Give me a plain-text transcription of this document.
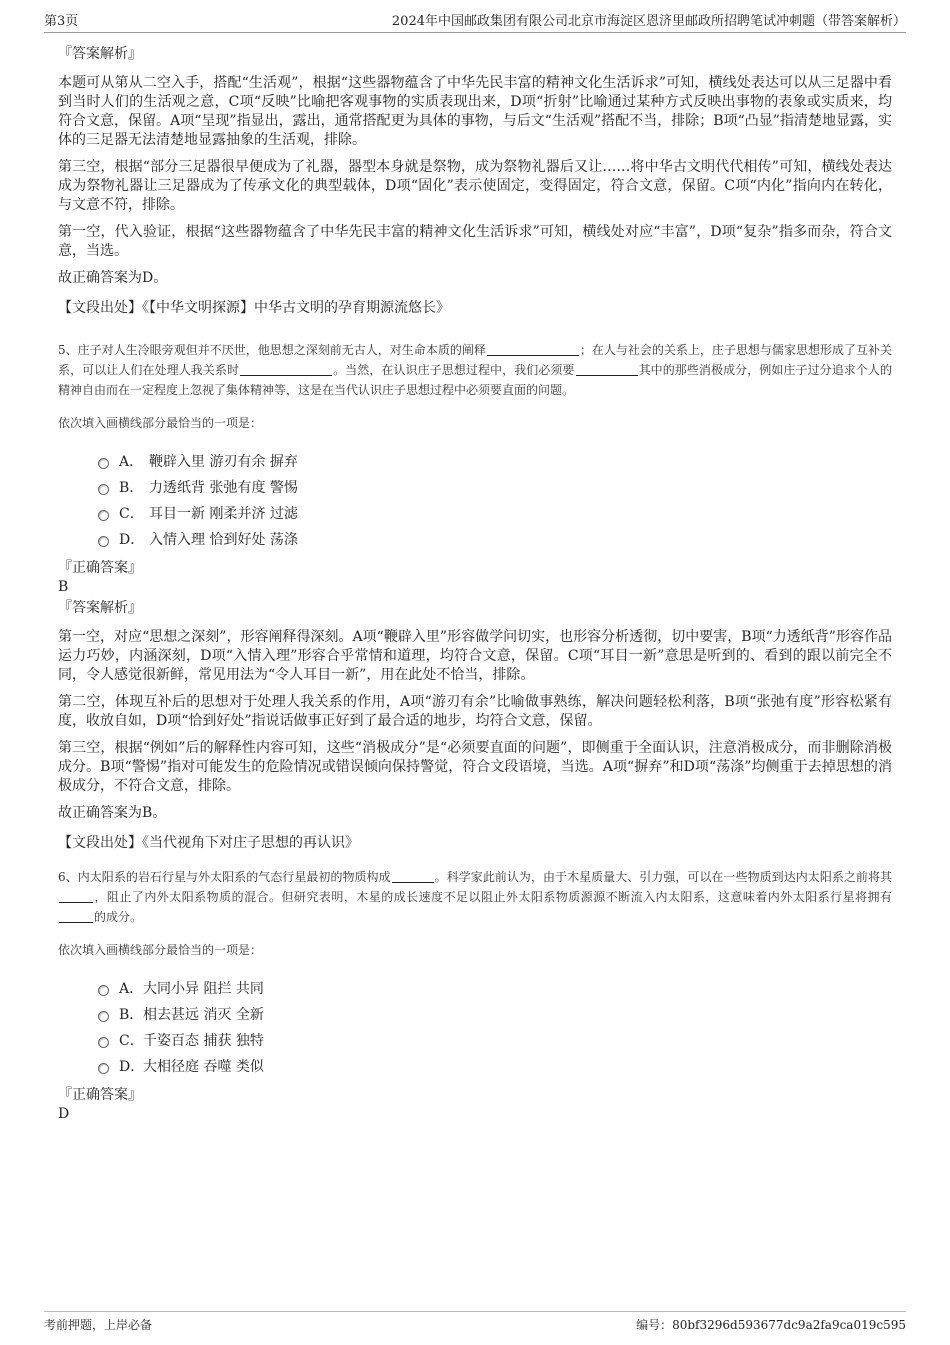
第3页	2024年中国邮政集团有限公司北京市海淀区恩济里邮政所招聘笔试冲刺题（带答案解析）

『答案解析』

本题可从第从二空入手，搭配“生活观”，根据“这些器物蕴含了中华先民丰富的精神文化生活诉求”可知，横线处表达可以从三足器中看到当时人们的生活观之意，C项“反映”比喻把客观事物的实质表现出来，D项“折射”比喻通过某种方式反映出事物的表象或实质来，均符合文意，保留。A项“呈现”指显出，露出，通常搭配更为具体的事物，与后文“生活观”搭配不当，排除；B项“凸显”指清楚地显露，实体的三足器无法清楚地显露抽象的生活观，排除。

第三空，根据“部分三足器很早便成为了礼器，器型本身就是祭物，成为祭物礼器后又让……将中华古文明代代相传”可知，横线处表达成为祭物礼器让三足器成为了传承文化的典型载体，D项“固化”表示使固定，变得固定，符合文意，保留。C项“内化”指向内在转化，与文意不符，排除。

第一空，代入验证，根据“这些器物蕴含了中华先民丰富的精神文化生活诉求”可知，横线处对应“丰富”，D项“复杂”指多而杂，符合文意，当选。

故正确答案为D。

【文段出处】《【中华文明探源】中华古文明的孕育期源流悠长》

5、庄子对人生冷眼旁观但并不厌世，他思想之深刻前无古人，对生命本质的阐释	；在人与社会的关系上，庄子思想与儒家思想形成了互补关系，可以让人们在处理人我关系时	。当然，在认识庄子思想过程中，我们必须要	其中的那些消极成分，例如庄子过分追求个人的精神自由而在一定程度上忽视了集体精神等，这是在当代认识庄子思想过程中必须要直面的问题。

依次填入画横线部分最恰当的一项是：

A． 鞭辟入里 游刃有余 摒弃
B． 力透纸背 张弛有度 警惕
C． 耳目一新 刚柔并济 过滤
D． 入情入理 恰到好处 荡涤

『正确答案』

B

『答案解析』

第一空，对应“思想之深刻”，形容阐释得深刻。A项“鞭辟入里”形容做学问切实，也形容分析透彻，切中要害，B项“力透纸背”形容作品运力巧妙，内涵深刻，D项“入情入理”形容合乎常情和道理，均符合文意，保留。C项“耳目一新”意思是听到的、看到的跟以前完全不同，令人感觉很新鲜，常见用法为“令人耳目一新”，用在此处不恰当，排除。

第二空，体现互补后的思想对于处理人我关系的作用，A项“游刃有余”比喻做事熟练，解决问题轻松利落，B项“张弛有度”形容松紧有度，收放自如，D项“恰到好处”指说话做事正好到了最合适的地步，均符合文意，保留。

第三空，根据“例如”后的解释性内容可知，这些“消极成分”是“必须要直面的问题”，即侧重于全面认识，注意消极成分，而非删除消极成分。B项“警惕”指对可能发生的危险情况或错误倾向保持警觉，符合文段语境，当选。A项“摒弃”和D项“荡涤”均侧重于去掉思想的消极成分，不符合文意，排除。

故正确答案为B。

【文段出处】《当代视角下对庄子思想的再认识》

6、内太阳系的岩石行星与外太阳系的气态行星最初的物质构成	。科学家此前认为，由于木星质量大、引力强，可以在一些物质到达内太阳系之前将其，阻止了内外太阳系物质的混合。但研究表明，木星的成长速度不足以阻止外太阳系物质源源不断流入内太阳系，这意味着内外太阳系行星将拥有的成分。

依次填入画横线部分最恰当的一项是：

A． 大同小异 阻拦 共同
B． 相去甚远 消灭 全新
C． 千姿百态 捕获 独特
D．
大相径庭 吞噬 类似

『正确答案』

D

考前押题，上岸必备	编号：80bf3296d593677dc9a2fa9ca019c595
